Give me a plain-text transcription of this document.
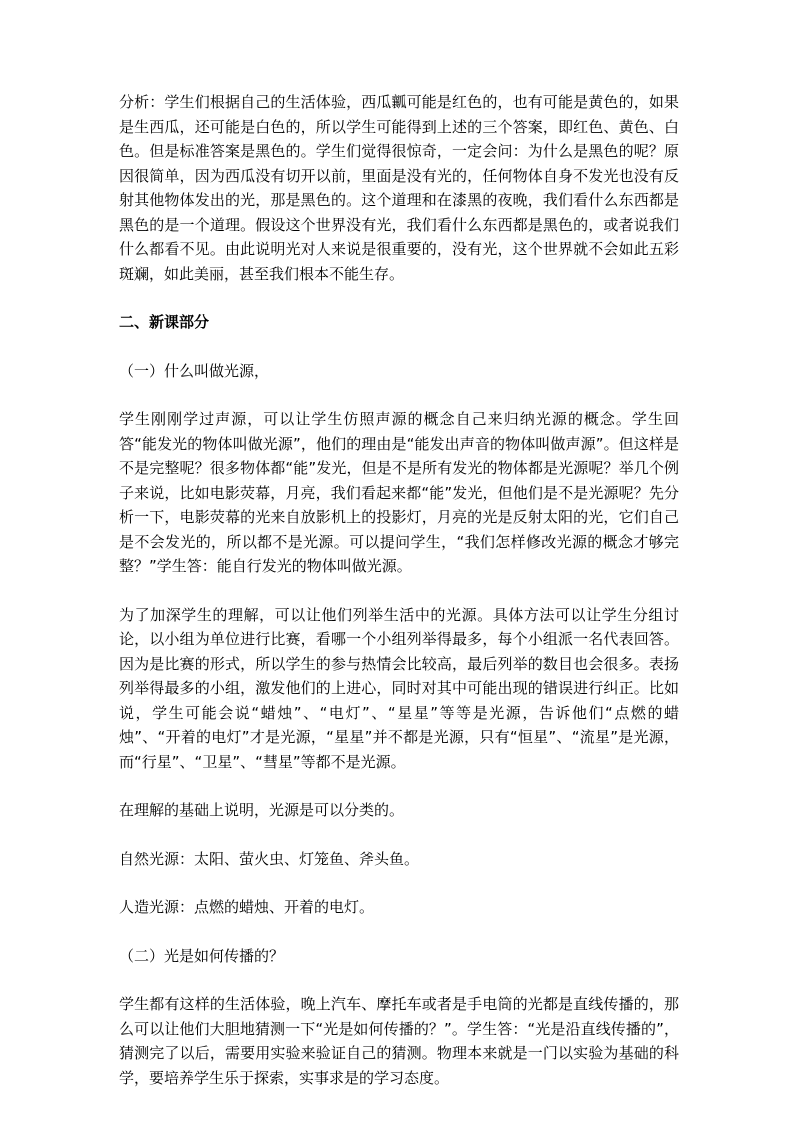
分析：学生们根据自己的生活体验，西瓜瓤可能是红色的，也有可能是黄色的，如果是生西瓜，还可能是白色的，所以学生可能得到上述的三个答案，即红色、黄色、白色。但是标准答案是黑色的。学生们觉得很惊奇，一定会问：为什么是黑色的呢？原因很简单，因为西瓜没有切开以前，里面是没有光的，任何物体自身不发光也没有反射其他物体发出的光，那是黑色的。这个道理和在漆黑的夜晚，我们看什么东西都是黑色的是一个道理。假设这个世界没有光，我们看什么东西都是黑色的，或者说我们什么都看不见。由此说明光对人来说是很重要的，没有光，这个世界就不会如此五彩斑斓，如此美丽，甚至我们根本不能生存。

二、新课部分

（一）什么叫做光源，

学生刚刚学过声源，可以让学生仿照声源的概念自己来归纳光源的概念。学生回答“能发光的物体叫做光源”，他们的理由是“能发出声音的物体叫做声源”。但这样是不是完整呢？很多物体都“能”发光，但是不是所有发光的物体都是光源呢？举几个例子来说，比如电影荧幕，月亮，我们看起来都“能”发光，但他们是不是光源呢？先分析一下，电影荧幕的光来自放影机上的投影灯，月亮的光是反射太阳的光，它们自己是不会发光的，所以都不是光源。可以提问学生，“我们怎样修改光源的概念才够完整？”学生答：能自行发光的物体叫做光源。

为了加深学生的理解，可以让他们列举生活中的光源。具体方法可以让学生分组讨论，以小组为单位进行比赛，看哪一个小组列举得最多，每个小组派一名代表回答。因为是比赛的形式，所以学生的参与热情会比较高，最后列举的数目也会很多。表扬列举得最多的小组，激发他们的上进心，同时对其中可能出现的错误进行纠正。比如说，学生可能会说“蜡烛”、“电灯”、“星星”等等是光源，告诉他们“点燃的蜡烛”、“开着的电灯”才是光源，“星星”并不都是光源，只有“恒星”、“流星”是光源，而“行星”、“卫星”、“彗星”等都不是光源。

在理解的基础上说明，光源是可以分类的。

自然光源：太阳、萤火虫、灯笼鱼、斧头鱼。

人造光源：点燃的蜡烛、开着的电灯。

（二）光是如何传播的？

学生都有这样的生活体验，晚上汽车、摩托车或者是手电筒的光都是直线传播的，那么可以让他们大胆地猜测一下“光是如何传播的？”。学生答：“光是沿直线传播的”，猜测完了以后，需要用实验来验证自己的猜测。物理本来就是一门以实验为基础的科学，要培养学生乐于探索，实事求是的学习态度。
